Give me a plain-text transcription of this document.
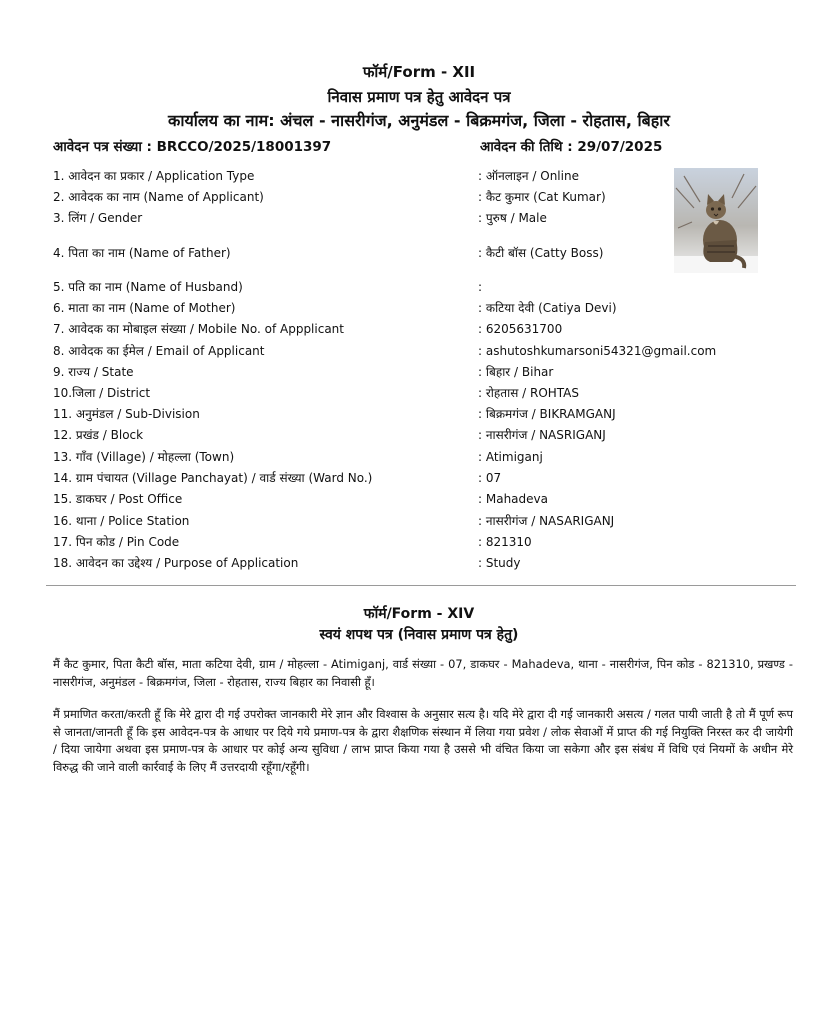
फॉर्म/Form - XII
निवास प्रमाण पत्र हेतु आवेदन पत्र
कार्यालय का नाम: अंचल - नासरीगंज, अनुमंडल - बिक्रमगंज, जिला - रोहतास, बिहार
आवेदन पत्र संख्या : BRCCO/2025/18001397	आवेदन की तिथि : 29/07/2025
1. आवेदन का प्रकार / Application Type	: ऑनलाइन / Online
2. आवेदक का नाम (Name of Applicant)	: कैट कुमार (Cat Kumar)
3. लिंग / Gender	: पुरुष / Male
4. पिता का नाम (Name of Father)	: कैटी बॉस (Catty Boss)
5. पति का नाम (Name of Husband)	:
6. माता का नाम (Name of Mother)	: कटिया देवी (Catiya Devi)
7. आवेदक का मोबाइल संख्या / Mobile No. of Appplicant	: 6205631700
8. आवेदक का ईमेल / Email of Applicant	: ashutoshkumarsoni54321@gmail.com
9. राज्य / State	: बिहार / Bihar
10.जिला / District	: रोहतास / ROHTAS
11. अनुमंडल / Sub-Division	: बिक्रमगंज / BIKRAMGANJ
12. प्रखंड / Block	: नासरीगंज / NASRIGANJ
13. गाँव (Village) / मोहल्ला (Town)	: Atimiganj
14. ग्राम पंचायत (Village Panchayat) / वार्ड संख्या (Ward No.)	: 07
15. डाकघर / Post Office	: Mahadeva
16. थाना / Police Station	: नासरीगंज / NASARIGANJ
17. पिन कोड / Pin Code	: 821310
18. आवेदन का उद्देश्य / Purpose of Application	: Study
फॉर्म/Form - XIV
स्वयं शपथ पत्र (निवास प्रमाण पत्र हेतु)
मैं कैट कुमार, पिता कैटी बॉस, माता कटिया देवी, ग्राम / मोहल्ला - Atimiganj, वार्ड संख्या - 07, डाकघर - Mahadeva, थाना - नासरीगंज, पिन कोड - 821310, प्रखण्ड - नासरीगंज, अनुमंडल - बिक्रमगंज, जिला - रोहतास, राज्य बिहार का निवासी हूँ।
मैं प्रमाणित करता/करती हूँ कि मेरे द्वारा दी गई उपरोक्त जानकारी मेरे ज्ञान और विश्वास के अनुसार सत्य है। यदि मेरे द्वारा दी गई जानकारी असत्य / गलत पायी जाती है तो मैं पूर्ण रूप से जानता/जानती हूँ कि इस आवेदन-पत्र के आधार पर दिये गये प्रमाण-पत्र के द्वारा शैक्षणिक संस्थान में लिया गया प्रवेश / लोक सेवाओं में प्राप्त की गई नियुक्ति निरस्त कर दी जायेगी / दिया जायेगा अथवा इस प्रमाण-पत्र के आधार पर कोई अन्य सुविधा / लाभ प्राप्त किया गया है उससे भी वंचित किया जा सकेगा और इस संबंध में विधि एवं नियमों के अधीन मेरे विरुद्ध की जाने वाली कार्रवाई के लिए मैं उत्तरदायी रहूँगा/रहूँगी।
